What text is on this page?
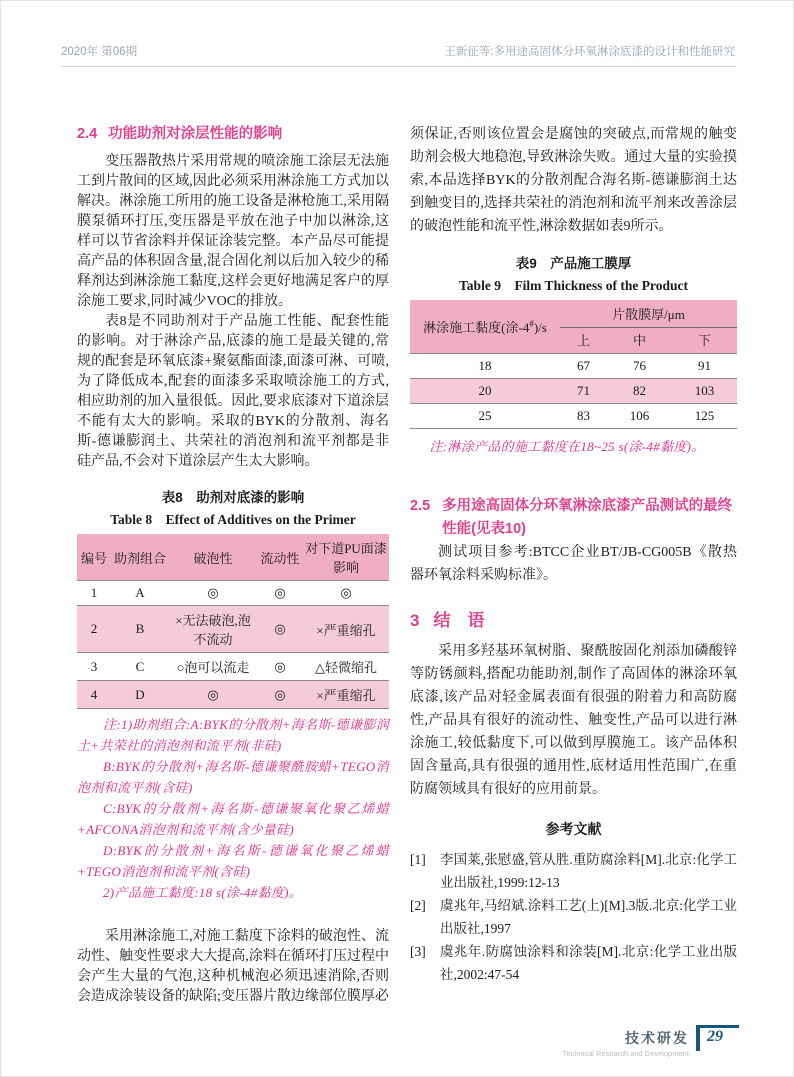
2020年 第06期	王新征等:多用途高固体分环氧淋涂底漆的设计和性能研究
2.4 功能助剂对涂层性能的影响

变压器散热片采用常规的喷涂施工涂层无法施工到片散间的区域,因此必须采用淋涂施工方式加以解决。淋涂施工所用的施工设备是淋枪施工,采用隔膜泵循环打压,变压器是平放在池子中加以淋涂,这样可以节省涂料并保证涂装完整。本产品尽可能提高产品的体积固含量,混合固化剂以后加入较少的稀释剂达到淋涂施工黏度,这样会更好地满足客户的厚涂施工要求,同时减少VOC的排放。

表8是不同助剂对于产品施工性能、配套性能的影响。对于淋涂产品,底漆的施工是最关键的,常规的配套是环氧底漆+聚氨酯面漆,面漆可淋、可喷,为了降低成本,配套的面漆多采取喷涂施工的方式,相应助剂的加入量很低。因此,要求底漆对下道涂层不能有太大的影响。采取的BYK的分散剂、海名斯-德谦膨润土、共荣社的消泡剂和流平剂都是非硅产品,不会对下道涂层产生太大影响。

表8　助剂对底漆的影响
Table 8　Effect of Additives on the Primer
编号	助剂组合	破泡性	流动性	对下道PU面漆影响
1	A	◎	◎	◎
2	B	×无法破泡,泡不流动	◎	×严重缩孔
3	C	○泡可以流走	◎	△轻微缩孔
4	D	◎	◎	×严重缩孔

注:1)助剂组合:A:BYK的分散剂+海名斯-德谦膨润土+共荣社的消泡剂和流平剂(非硅)

B:BYK的分散剂+海名斯-德谦聚酰胺蜡+TEGO消泡剂和流平剂(含硅)

C:BYK的分散剂+海名斯-德谦聚氧化聚乙烯蜡+AFCONA消泡剂和流平剂(含少量硅)

D:BYK的分散剂+海名斯-德谦氧化聚乙烯蜡+TEGO消泡剂和流平剂(含硅)

2)产品施工黏度:18 s(涂-4#黏度)。

采用淋涂施工,对施工黏度下涂料的破泡性、流动性、触变性要求大大提高,涂料在循环打压过程中会产生大量的气泡,这种机械泡必须迅速消除,否则会造成涂装设备的缺陷;变压器片散边缘部位膜厚必

须保证,否则该位置会是腐蚀的突破点,而常规的触变助剂会极大地稳泡,导致淋涂失败。通过大量的实验摸索,本品选择BYK的分散剂配合海名斯-德谦膨润土达到触变目的,选择共荣社的消泡剂和流平剂来改善涂层的破泡性能和流平性,淋涂数据如表9所示。

表9　产品施工膜厚
Table 9　Film Thickness of the Product
淋涂施工黏度(涂-4#)/s	片散膜厚/μm		
	上	中	下
18	67	76	91
20	71	82	103
25	83	106	125

注:淋涂产品的施工黏度在18~25 s(涂-4#黏度)。

2.5 多用途高固体分环氧淋涂底漆产品测试的最终性能(见表10)

测试项目参考:BTCC企业BT/JB-CG005B《散热器环氧涂料采购标准》。

3 结　语

采用多羟基环氧树脂、聚酰胺固化剂添加磷酸锌等防锈颜料,搭配功能助剂,制作了高固体的淋涂环氧底漆,该产品对轻金属表面有很强的附着力和高防腐性,产品具有很好的流动性、触变性,产品可以进行淋涂施工,较低黏度下,可以做到厚膜施工。该产品体积固含量高,具有很强的通用性,底材适用性范围广,在重防腐领域具有很好的应用前景。

参考文献
[1]	李国莱,张慰盛,管从胜.重防腐涂料[M].北京:化学工业出版社,1999:12-13
[2]	虞兆年,马绍斌.涂料工艺(上)[M].3版.北京:化学工业出版社,1997
[3]	虞兆年.防腐蚀涂料和涂装[M].北京:化学工业出版社,2002:47-54
技术研发
Technical Research and Development
29
